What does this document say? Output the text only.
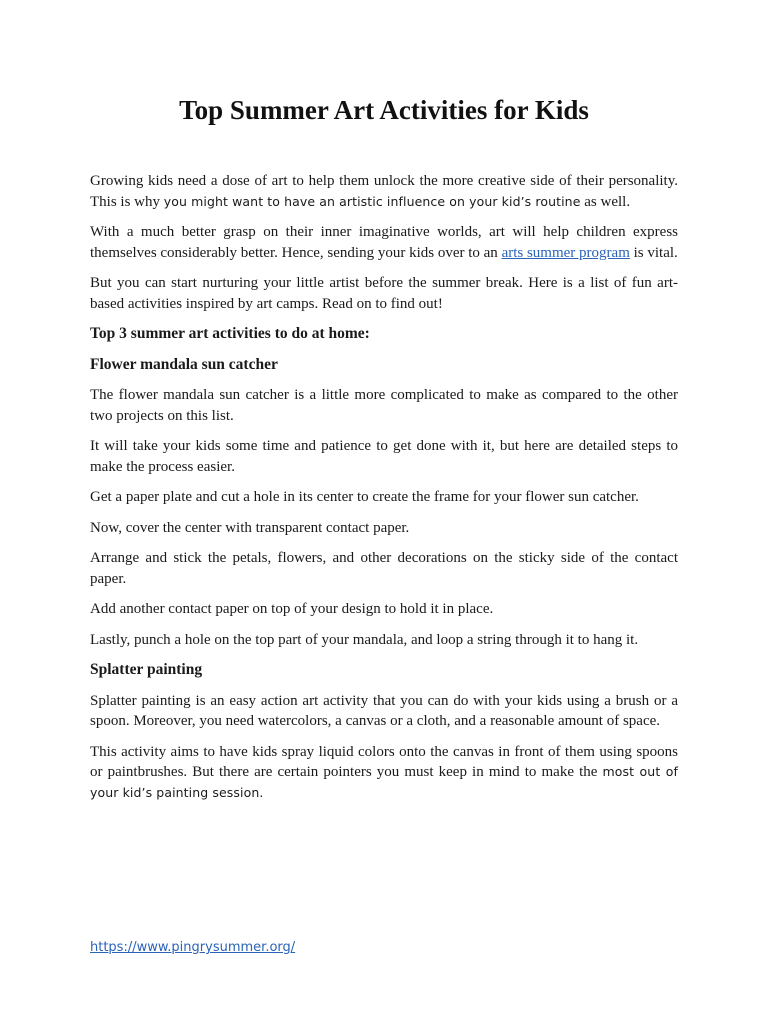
Top Summer Art Activities for Kids

Growing kids need a dose of art to help them unlock the more creative side of their personality. This is why you might want to have an artistic influence on your kid’s routine as well.

With a much better grasp on their inner imaginative worlds, art will help children express themselves considerably better. Hence, sending your kids over to an arts summer program is vital.

But you can start nurturing your little artist before the summer break. Here is a list of fun art-based activities inspired by art camps. Read on to find out!

Top 3 summer art activities to do at home:
Flower mandala sun catcher

The flower mandala sun catcher is a little more complicated to make as compared to the other two projects on this list.

It will take your kids some time and patience to get done with it, but here are detailed steps to make the process easier.

Get a paper plate and cut a hole in its center to create the frame for your flower sun catcher.

Now, cover the center with transparent contact paper.

Arrange and stick the petals, flowers, and other decorations on the sticky side of the contact paper.

Add another contact paper on top of your design to hold it in place.

Lastly, punch a hole on the top part of your mandala, and loop a string through it to hang it.

Splatter painting

Splatter painting is an easy action art activity that you can do with your kids using a brush or a spoon. Moreover, you need watercolors, a canvas or a cloth, and a reasonable amount of space.

This activity aims to have kids spray liquid colors onto the canvas in front of them using spoons or paintbrushes. But there are certain pointers you must keep in mind to make the most out of your kid’s painting session.

https://www.pingrysummer.org/
